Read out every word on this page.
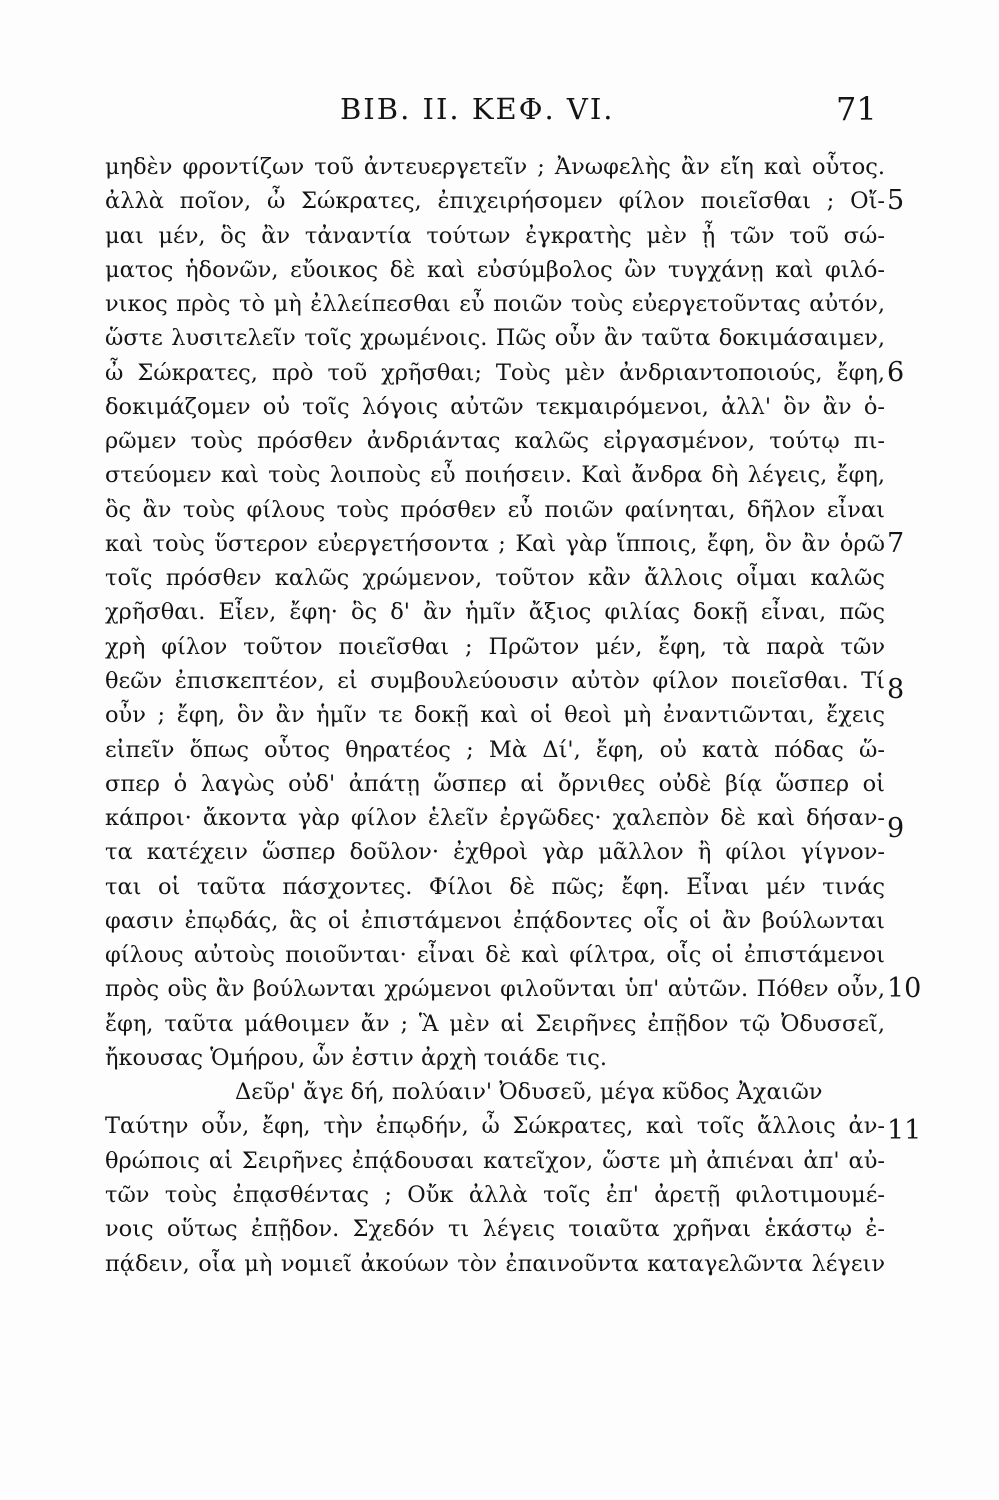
ΒΙΒ. ΙΙ. ΚΕΦ. VI.	71
μηδὲν φροντίζων τοῦ ἀντευεργετεῖν ; Ἀνωφελὴς ἂν εἴη καὶ οὗτος.
ἀλλὰ ποῖον, ὦ Σώκρατες, ἐπιχειρήσομεν φίλον ποιεῖσθαι ; Οἴ-
μαι μέν, ὃς ἂν τἀναντία τούτων ἐγκρατὴς μὲν ᾖ τῶν τοῦ σώ-
ματος ἡδονῶν, εὔοικος δὲ καὶ εὐσύμβολος ὢν τυγχάνῃ καὶ φιλό-
νικος πρὸς τὸ μὴ ἐλλείπεσθαι εὖ ποιῶν τοὺς εὐεργετοῦντας αὐτόν,
ὥστε λυσιτελεῖν τοῖς χρωμένοις. Πῶς οὖν ἂν ταῦτα δοκιμάσαιμεν,
ὦ Σώκρατες, πρὸ τοῦ χρῆσθαι; Τοὺς μὲν ἀνδριαντοποιούς, ἔφη,
δοκιμάζομεν οὐ τοῖς λόγοις αὐτῶν τεκμαιρόμενοι, ἀλλ' ὃν ἂν ὁ-
ρῶμεν τοὺς πρόσθεν ἀνδριάντας καλῶς εἰργασμένον, τούτῳ πι-
στεύομεν καὶ τοὺς λοιποὺς εὖ ποιήσειν. Καὶ ἄνδρα δὴ λέγεις, ἔφη,
ὃς ἂν τοὺς φίλους τοὺς πρόσθεν εὖ ποιῶν φαίνηται, δῆλον εἶναι
καὶ τοὺς ὕστερον εὐεργετήσοντα ; Καὶ γὰρ ἵπποις, ἔφη, ὃν ἂν ὁρῶ
τοῖς πρόσθεν καλῶς χρώμενον, τοῦτον κἂν ἄλλοις οἶμαι καλῶς
χρῆσθαι. Εἶεν, ἔφη· ὃς δ' ἂν ἡμῖν ἄξιος φιλίας δοκῇ εἶναι, πῶς
χρὴ φίλον τοῦτον ποιεῖσθαι ; Πρῶτον μέν, ἔφη, τὰ παρὰ τῶν
θεῶν ἐπισκεπτέον, εἰ συμβουλεύουσιν αὐτὸν φίλον ποιεῖσθαι. Τί
οὖν ; ἔφη, ὃν ἂν ἡμῖν τε δοκῇ καὶ οἱ θεοὶ μὴ ἐναντιῶνται, ἔχεις
εἰπεῖν ὅπως οὗτος θηρατέος ; Μὰ Δί', ἔφη, οὐ κατὰ πόδας ὥ-
σπερ ὁ λαγὼς οὐδ' ἀπάτῃ ὥσπερ αἱ ὄρνιθες οὐδὲ βίᾳ ὥσπερ οἱ
κάπροι· ἄκοντα γὰρ φίλον ἑλεῖν ἐργῶδες· χαλεπὸν δὲ καὶ δήσαν-
τα κατέχειν ὥσπερ δοῦλον· ἐχθροὶ γὰρ μᾶλλον ἢ φίλοι γίγνον-
ται οἱ ταῦτα πάσχοντες. Φίλοι δὲ πῶς; ἔφη. Εἶναι μέν τινάς
φασιν ἐπῳδάς, ἃς οἱ ἐπιστάμενοι ἐπᾴδοντες οἷς οἱ ἂν βούλωνται
φίλους αὐτοὺς ποιοῦνται· εἶναι δὲ καὶ φίλτρα, οἷς οἱ ἐπιστάμενοι
πρὸς οὓς ἂν βούλωνται χρώμενοι φιλοῦνται ὑπ' αὐτῶν. Πόθεν οὖν,
ἔφη, ταῦτα μάθοιμεν ἄν ; Ἃ μὲν αἱ Σειρῆνες ἐπῇδον τῷ Ὀδυσσεῖ,
ἤκουσας Ὁμήρου, ὧν ἐστιν ἀρχὴ τοιάδε τις.
Δεῦρ' ἄγε δή, πολύαιν' Ὀδυσεῦ, μέγα κῦδος Ἀχαιῶν
Ταύτην οὖν, ἔφη, τὴν ἐπῳδήν, ὦ Σώκρατες, καὶ τοῖς ἄλλοις ἀν-
θρώποις αἱ Σειρῆνες ἐπᾴδουσαι κατεῖχον, ὥστε μὴ ἀπιέναι ἀπ' αὐ-
τῶν τοὺς ἐπᾳσθέντας ; Οὔκ ἀλλὰ τοῖς ἐπ' ἀρετῇ φιλοτιμουμέ-
νοις οὕτως ἐπῇδον. Σχεδόν τι λέγεις τοιαῦτα χρῆναι ἑκάστῳ ἐ-
πᾴδειν, οἷα μὴ νομιεῖ ἀκούων τὸν ἐπαινοῦντα καταγελῶντα λέγειν
5
6
7
8
9
10
11
